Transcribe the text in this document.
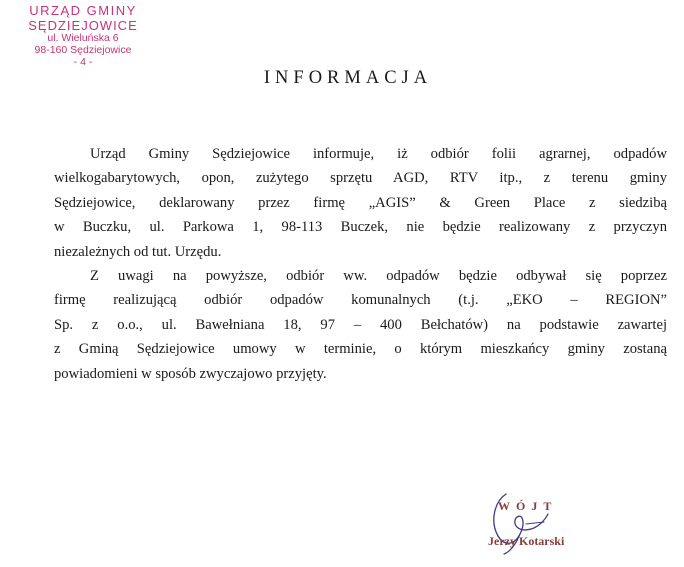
URZĄD GMINY
SĘDZIEJOWICE
ul. Wieluńska 6
98-160 Sędziejowice
- 4 -
INFORMACJA
Urząd Gminy Sędziejowice informuje, iż odbiór folii agrarnej, odpadów
wielkogabarytowych, opon, zużytego sprzętu AGD, RTV itp., z terenu gminy
Sędziejowice, deklarowany przez firmę „AGIS” & Green Place z siedzibą
w Buczku, ul. Parkowa 1, 98-113 Buczek, nie będzie realizowany z przyczyn
niezależnych od tut. Urzędu.
Z uwagi na powyższe, odbiór ww. odpadów będzie odbywał się poprzez
firmę realizującą odbiór odpadów komunalnych (t.j. „EKO – REGION”
Sp. z o.o., ul. Bawełniana 18, 97 – 400 Bełchatów) na podstawie zawartej
z Gminą Sędziejowice umowy w terminie, o którym mieszkańcy gminy zostaną
powiadomieni w sposób zwyczajowo przyjęty.
WÓJT
Jerzy Kotarski
